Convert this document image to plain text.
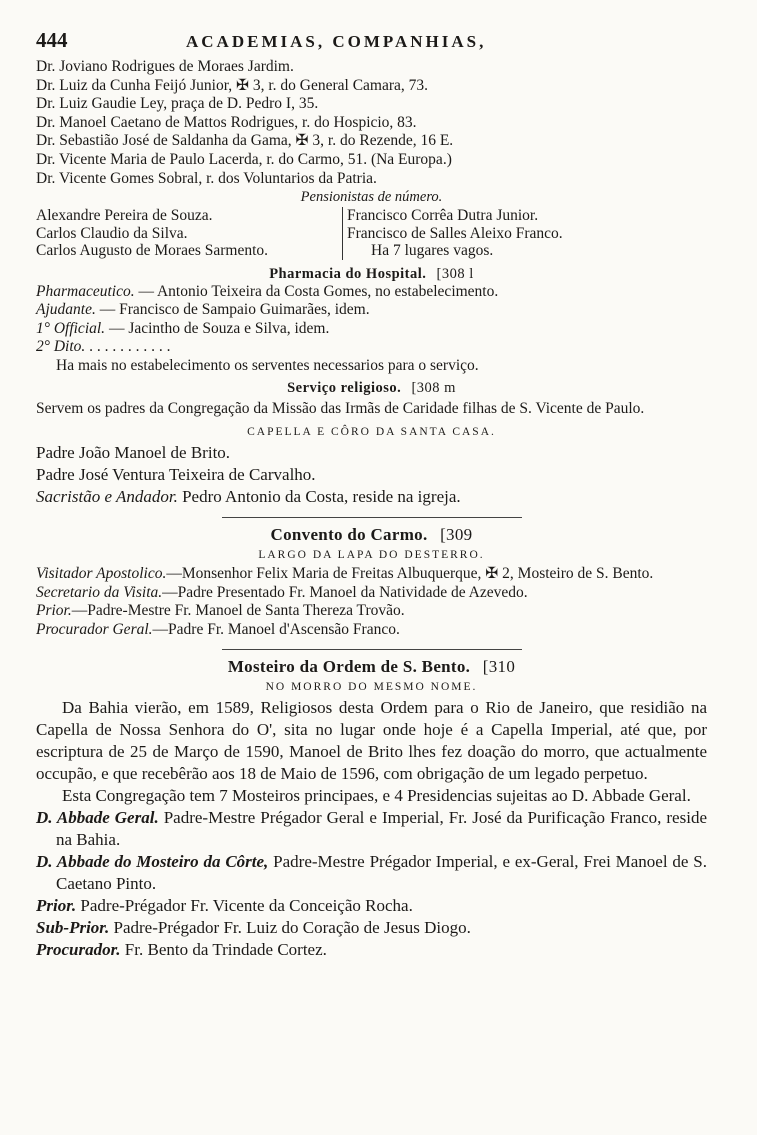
444	ACADEMIAS, COMPANHIAS,
Dr. Joviano Rodrigues de Moraes Jardim.
Dr. Luiz da Cunha Feijó Junior, ✠ 3, r. do General Camara, 73.
Dr. Luiz Gaudie Ley, praça de D. Pedro I, 35.
Dr. Manoel Caetano de Mattos Rodrigues, r. do Hospicio, 83.
Dr. Sebastião José de Saldanha da Gama, ✠ 3, r. do Rezende, 16 E.
Dr. Vicente Maria de Paulo Lacerda, r. do Carmo, 51. (Na Europa.)
Dr. Vicente Gomes Sobral, r. dos Voluntarios da Patria.
Pensionistas de número.
Alexandre Pereira de Souza.
Carlos Claudio da Silva.
Carlos Augusto de Moraes Sarmento.
Francisco Corrêa Dutra Junior.
Francisco de Salles Aleixo Franco.
Ha 7 lugares vagos.
Pharmacia do Hospital. [308 l
Pharmaceutico. — Antonio Teixeira da Costa Gomes, no estabelecimento.
Ajudante. — Francisco de Sampaio Guimarães, idem.
1° Official. — Jacintho de Souza e Silva, idem.
2° Dito. . . . . . . . . . . .
Ha mais no estabelecimento os serventes necessarios para o serviço.
Serviço religioso. [308 m
Servem os padres da Congregação da Missão das Irmãs de Caridade filhas de S. Vicente de Paulo.
CAPELLA E CÔRO DA SANTA CASA.
Padre João Manoel de Brito.
Padre José Ventura Teixeira de Carvalho.
Sacristão e Andador. Pedro Antonio da Costa, reside na igreja.
Convento do Carmo. [309
LARGO DA LAPA DO DESTERRO.
Visitador Apostolico.—Monsenhor Felix Maria de Freitas Albuquerque, ✠ 2, Mosteiro de S. Bento.
Secretario da Visita.—Padre Presentado Fr. Manoel da Natividade de Azevedo.
Prior.—Padre-Mestre Fr. Manoel de Santa Thereza Trovão.
Procurador Geral.—Padre Fr. Manoel d'Ascensão Franco.
Mosteiro da Ordem de S. Bento. [310
NO MORRO DO MESMO NOME.
Da Bahia vierão, em 1589, Religiosos desta Ordem para o Rio de Janeiro, que residião na Capella de Nossa Senhora do O', sita no lugar onde hoje é a Capella Imperial, até que, por escriptura de 25 de Março de 1590, Manoel de Brito lhes fez doação do morro, que actualmente occupão, e que recebêrão aos 18 de Maio de 1596, com obrigação de um legado perpetuo.
Esta Congregação tem 7 Mosteiros principaes, e 4 Presidencias sujeitas ao D. Abbade Geral.
D. Abbade Geral. Padre-Mestre Prégador Geral e Imperial, Fr. José da Purificação Franco, reside na Bahia.
D. Abbade do Mosteiro da Côrte, Padre-Mestre Prégador Imperial, e ex-Geral, Frei Manoel de S. Caetano Pinto.
Prior. Padre-Prégador Fr. Vicente da Conceição Rocha.
Sub-Prior. Padre-Prégador Fr. Luiz do Coração de Jesus Diogo.
Procurador. Fr. Bento da Trindade Cortez.
